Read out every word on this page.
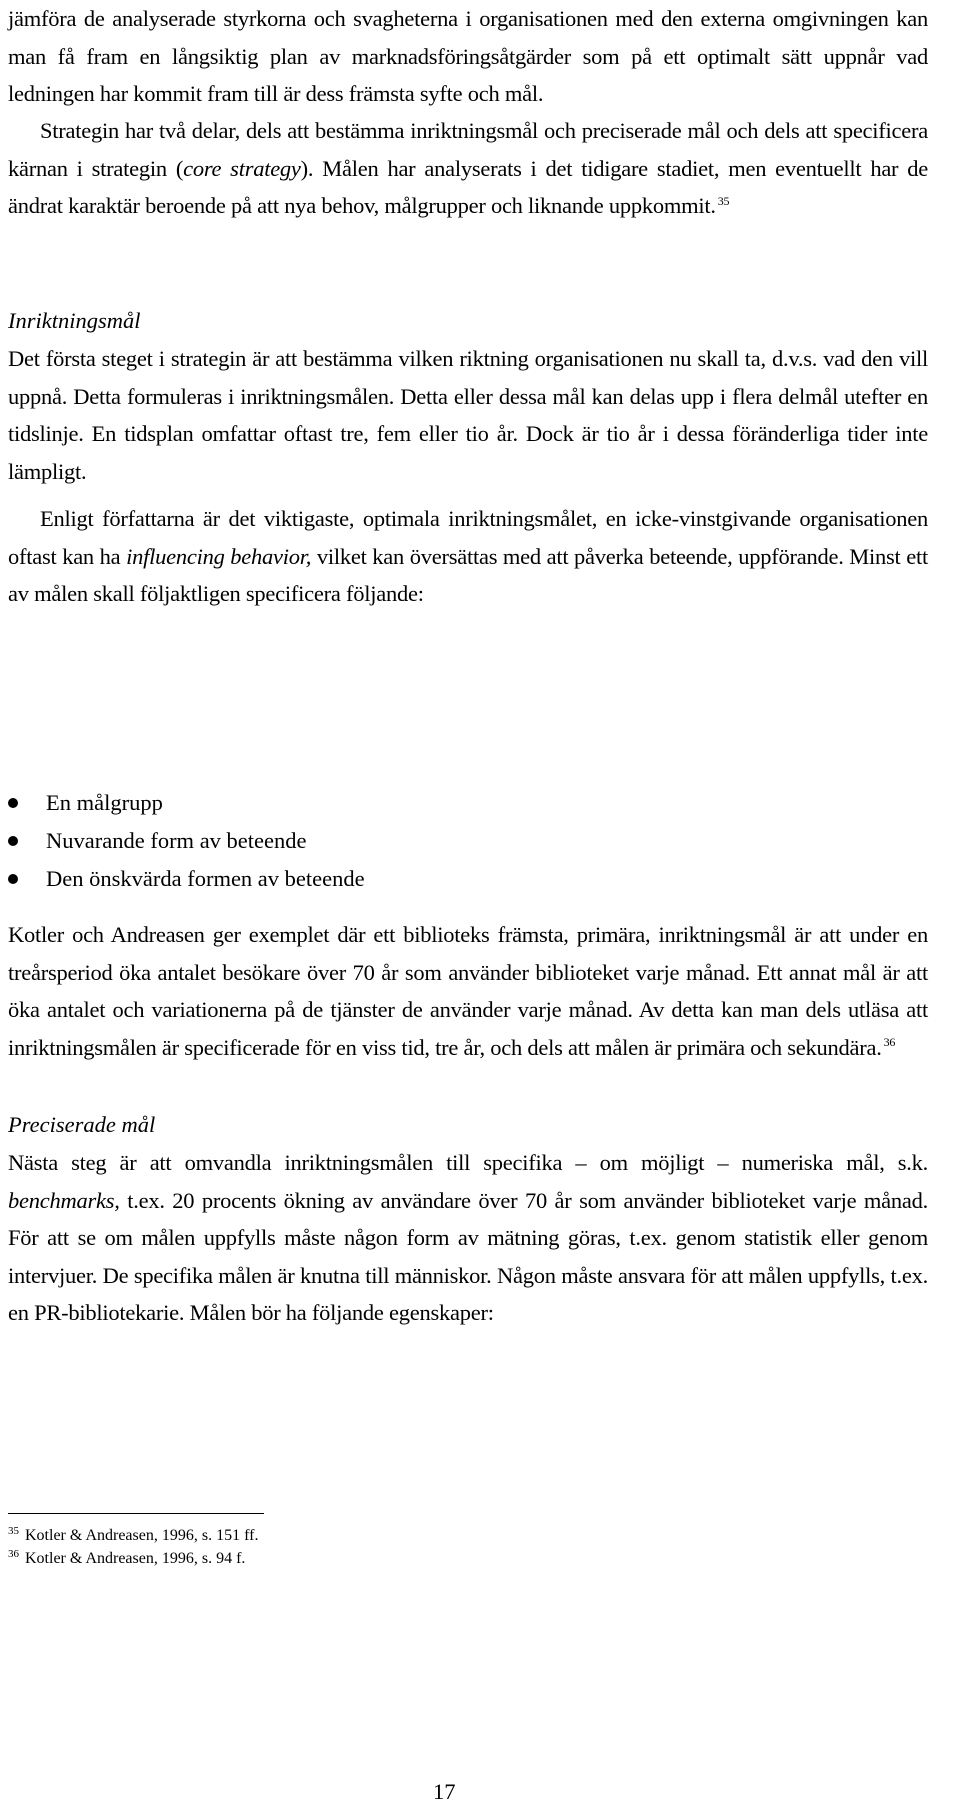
jämföra de analyserade styrkorna och svagheterna i organisationen med den externa omgivningen kan man få fram en långsiktig plan av marknadsföringsåtgärder som på ett optimalt sätt uppnår vad ledningen har kommit fram till är dess främsta syfte och mål.

Strategin har två delar, dels att bestämma inriktningsmål och preciserade mål och dels att specificera kärnan i strategin (core strategy). Målen har analyserats i det tidigare stadiet, men eventuellt har de ändrat karaktär beroende på att nya behov, målgrupper och liknande uppkommit. $^{35}$

Inriktningsmål

Det första steget i strategin är att bestämma vilken riktning organisationen nu skall ta, d.v.s. vad den vill uppnå. Detta formuleras i inriktningsmålen. Detta eller dessa mål kan delas upp i flera delmål utefter en tidslinje. En tidsplan omfattar oftast tre, fem eller tio år. Dock är tio år i dessa föränderliga tider inte lämpligt.

Enligt författarna är det viktigaste, optimala inriktningsmålet, en icke-vinstgivande organisationen oftast kan ha influencing behavior, vilket kan översättas med att påverka beteende, uppförande. Minst ett av målen skall följaktligen specificera följande:

En målgrupp
Nuvarande form av beteende
Den önskvärda formen av beteende

Kotler och Andreasen ger exemplet där ett biblioteks främsta, primära, inriktningsmål är att under en treårsperiod öka antalet besökare över 70 år som använder biblioteket varje månad. Ett annat mål är att öka antalet och variationerna på de tjänster de använder varje månad. Av detta kan man dels utläsa att inriktningsmålen är specificerade för en viss tid, tre år, och dels att målen är primära och sekundära. $^{36}$

Preciserade mål

Nästa steg är att omvandla inriktningsmålen till specifika – om möjligt – numeriska mål, s.k. benchmarks, t.ex. 20 procents ökning av användare över 70 år som använder biblioteket varje månad. För att se om målen uppfylls måste någon form av mätning göras, t.ex. genom statistik eller genom intervjuer. De specifika målen är knutna till människor. Någon måste ansvara för att målen uppfylls, t.ex. en PR-bibliotekarie. Målen bör ha följande egenskaper:

$^{35}$ Kotler & Andreasen, 1996, s. 151 ff.
$^{36}$ Kotler & Andreasen, 1996, s. 94 f.
17
